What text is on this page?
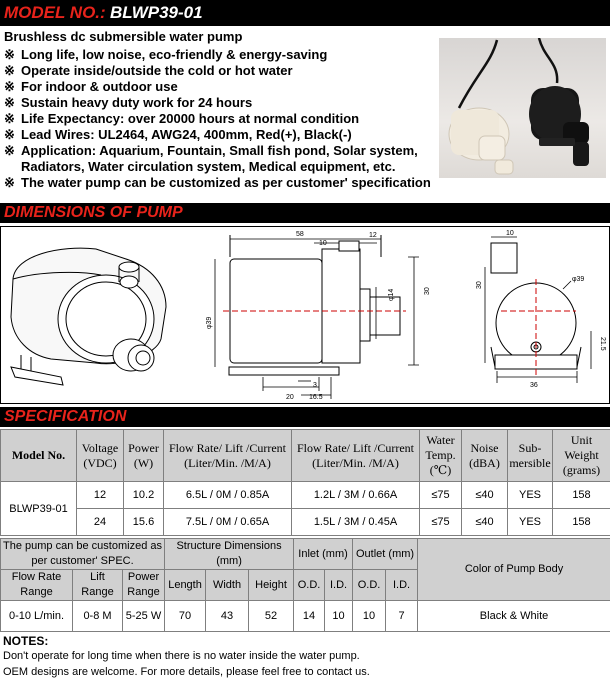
MODEL NO.: BLWP39-01
Brushless dc submersible water pump
※ Long life, low noise, eco-friendly & energy-saving
※ Operate inside/outside the cold or hot water
※ For indoor & outdoor use
※ Sustain heavy duty work for 24 hours
※ Life Expectancy: over 20000 hours at normal condition
※ Lead Wires: UL2464, AWG24, 400mm, Red(+), Black(-)
※ Application: Aquarium, Fountain, Small fish pond, Solar system,
Radiators, Water circulation system, Medical equipment, etc.
※ The water pump can be customized as per customer' specification
DIMENSIONS OF PUMP
58
10
12
φ14	30
φ39
20
3
16.5
10
30
φ39
21.5
36
SPECIFICATION
Model No.	Voltage (VDC)	Power (W)	Flow Rate/ Lift /Current (Liter/Min. /M/A)	Flow Rate/ Lift /Current (Liter/Min. /M/A)	Water Temp. (℃)	Noise (dBA)	Sub-mersible	Unit Weight (grams)
BLWP39-01	12	10.2	6.5L / 0M / 0.85A	1.2L / 3M / 0.66A	≤75	≤40	YES	158
	24	15.6	7.5L / 0M / 0.65A	1.5L / 3M / 0.45A	≤75	≤40	YES	158
The pump can be customized as per customer' SPEC.			Structure Dimensions (mm)			Inlet (mm)		Outlet (mm)		Color of Pump Body
Flow Rate Range	Lift Range	Power Range	Length	Width	Height	O.D.	I.D.	O.D.	I.D.	
0-10 L/min.	0-8 M	5-25 W	70	43	52	14	10	10	7	Black & White
NOTES:
Don't operate for long time when there is no water inside the water pump.
OEM designs are welcome. For more details, please feel free to contact us.
